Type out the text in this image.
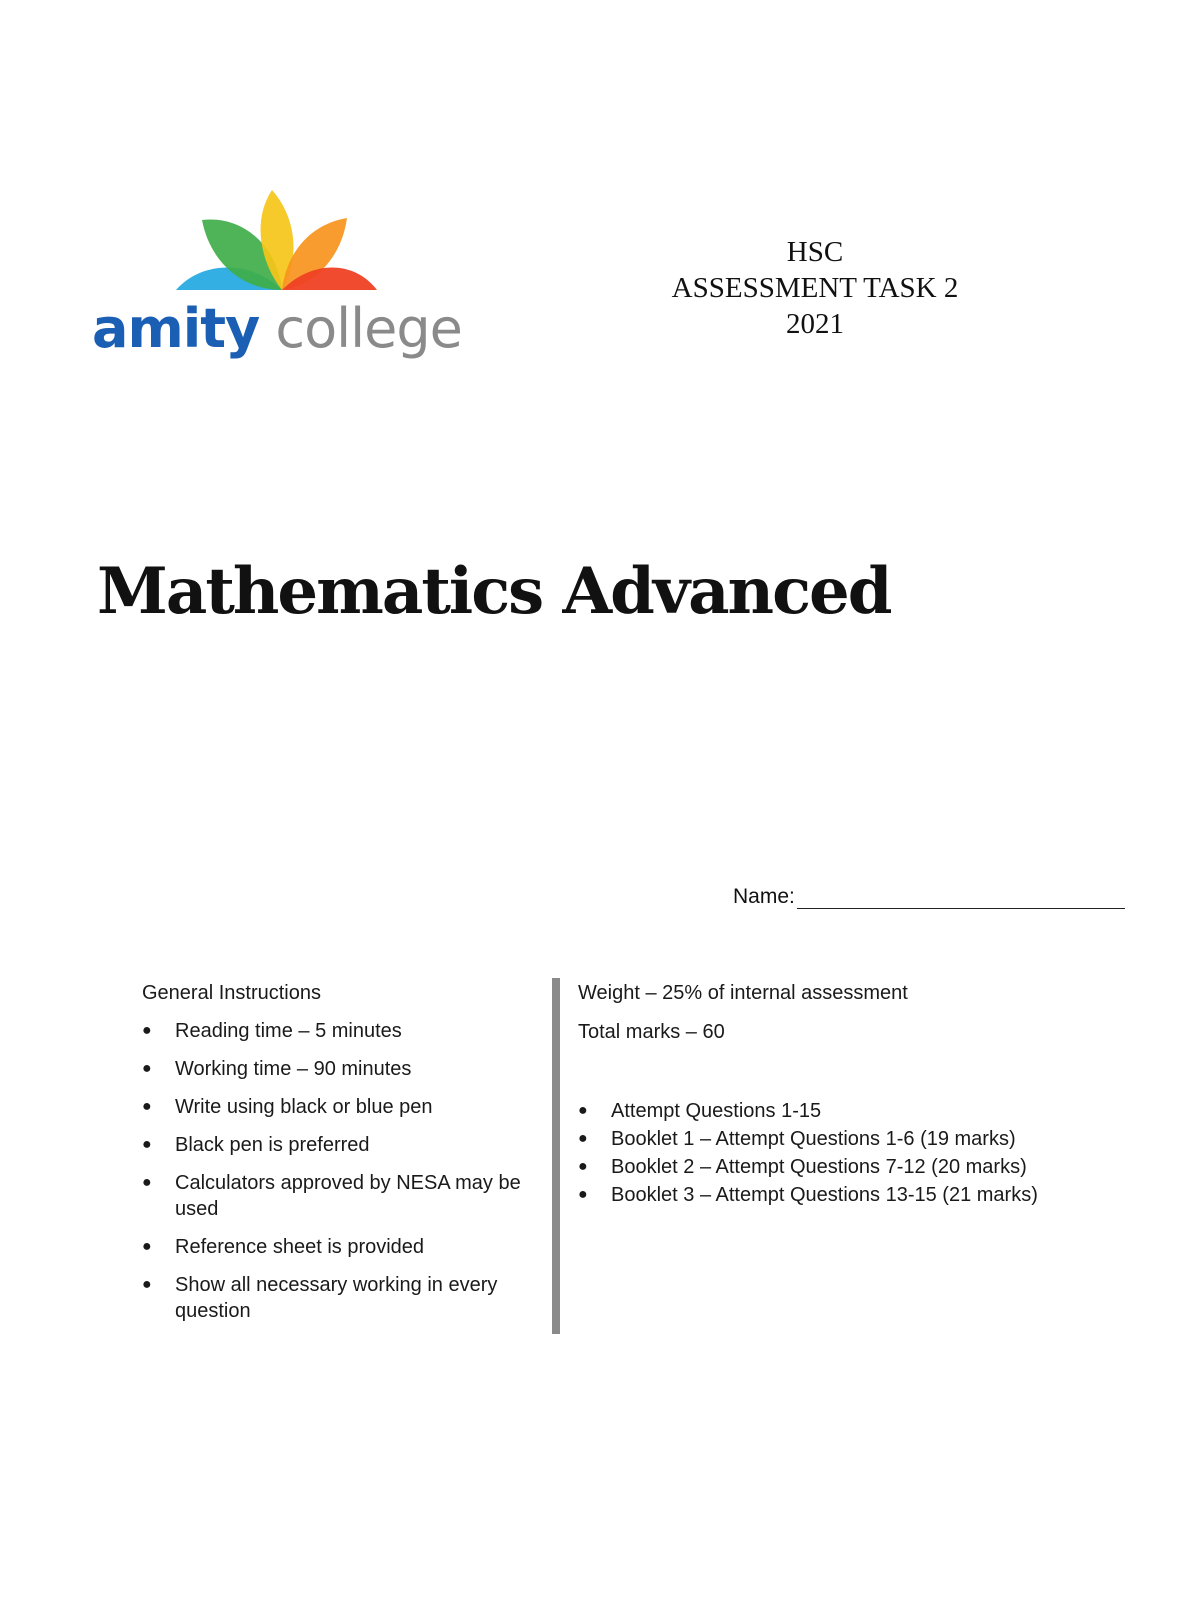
amity college
HSC
ASSESSMENT TASK 2
2021
Mathematics Advanced
Name:
General Instructions
● Reading time – 5 minutes
● Working time – 90 minutes
● Write using black or blue pen
● Black pen is preferred
● Calculators approved by NESA may be used
● Reference sheet is provided
● Show all necessary working in every question
Weight – 25% of internal assessment
Total marks – 60
● Attempt Questions 1-15
● Booklet 1 – Attempt Questions 1-6 (19 marks)
● Booklet 2 – Attempt Questions 7-12 (20 marks)
● Booklet 3 – Attempt Questions 13-15 (21 marks)
